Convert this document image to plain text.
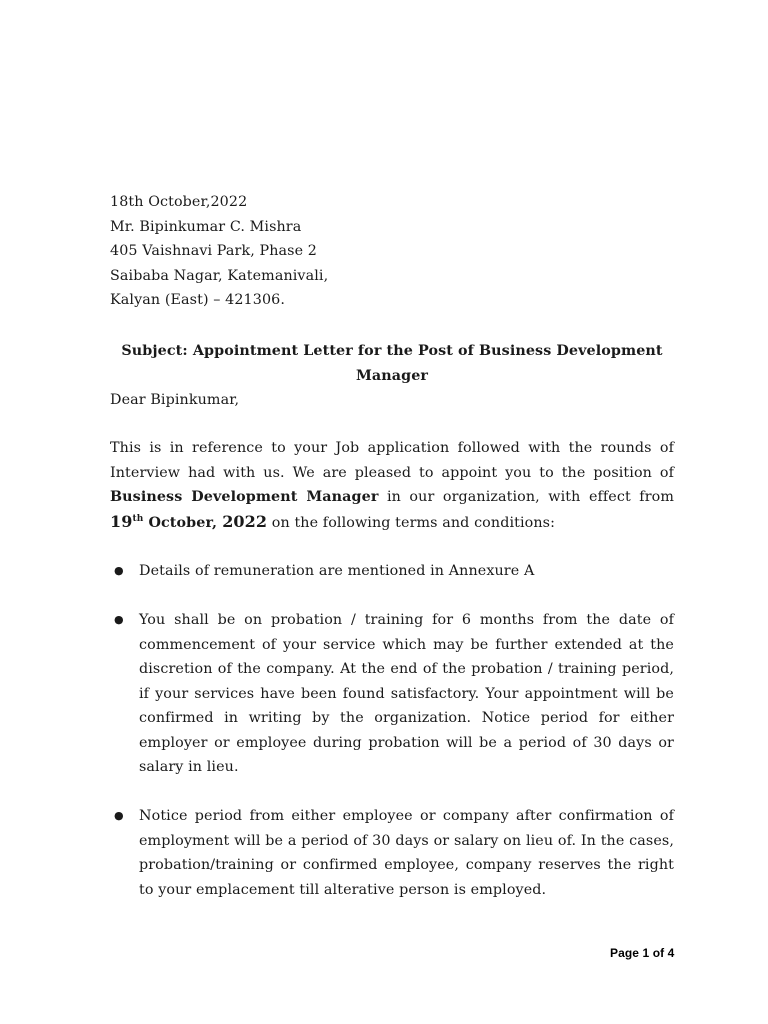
18th October,2022
Mr. Bipinkumar C. Mishra
405 Vaishnavi Park, Phase 2
Saibaba Nagar, Katemanivali,
Kalyan (East) – 421306.
Subject: Appointment Letter for the Post of Business Development Manager
Dear Bipinkumar,
This is in reference to your Job application followed with the rounds of Interview had with us. We are pleased to appoint you to the position of Business Development Manager in our organization, with effect from 19th October, 2022 on the following terms and conditions:
● Details of remuneration are mentioned in Annexure A
● You shall be on probation / training for 6 months from the date of commencement of your service which may be further extended at the discretion of the company. At the end of the probation / training period, if your services have been found satisfactory. Your appointment will be confirmed in writing by the organization. Notice period for either employer or employee during probation will be a period of 30 days or salary in lieu.
● Notice period from either employee or company after confirmation of employment will be a period of 30 days or salary on lieu of. In the cases, probation/training or confirmed employee, company reserves the right to your emplacement till alterative person is employed.
Page 1 of 4
